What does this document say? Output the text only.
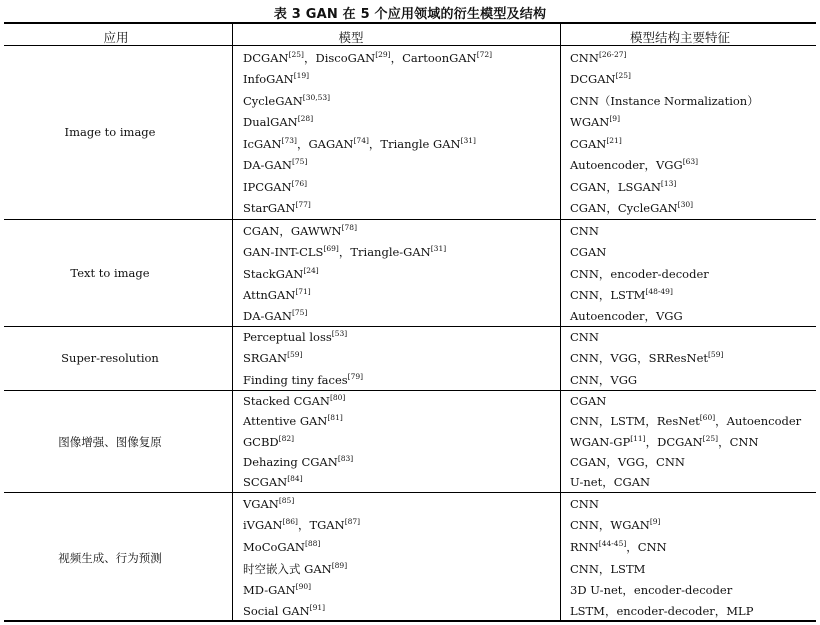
表 3 GAN 在 5 个应用领域的衍生模型及结构
应用	模型	模型结构主要特征
Image to image
DCGAN[25]，DiscoGAN[29]，CartoonGAN[72]	CNN[26-27]
InfoGAN[19]	DCGAN[25]
CycleGAN[30,53]	CNN（Instance Normalization）
DualGAN[28]	WGAN[9]
IcGAN[73]，GAGAN[74]，Triangle GAN[31]	CGAN[21]
DA-GAN[75]	Autoencoder，VGG[63]
IPCGAN[76]	CGAN，LSGAN[13]
StarGAN[77]	CGAN，CycleGAN[30]
Text to image
CGAN，GAWWN[78]	CNN
GAN-INT-CLS[69]，Triangle-GAN[31]	CGAN
StackGAN[24]	CNN，encoder-decoder
AttnGAN[71]	CNN，LSTM[48-49]
DA-GAN[75]	Autoencoder，VGG
Super-resolution
Perceptual loss[53]	CNN
SRGAN[59]	CNN，VGG，SRResNet[59]
Finding tiny faces[79]	CNN，VGG
图像增强、图像复原
Stacked CGAN[80]	CGAN
Attentive GAN[81]	CNN，LSTM，ResNet[60]，Autoencoder
GCBD[82]	WGAN-GP[11]，DCGAN[25]，CNN
Dehazing CGAN[83]	CGAN，VGG，CNN
SCGAN[84]	U-net，CGAN
视频生成、行为预测
VGAN[85]	CNN
iVGAN[86]，TGAN[87]	CNN，WGAN[9]
MoCoGAN[88]	RNN[44-45]，CNN
时空嵌入式 GAN[89]	CNN，LSTM
MD-GAN[90]	3D U-net，encoder-decoder
Social GAN[91]	LSTM，encoder-decoder，MLP
